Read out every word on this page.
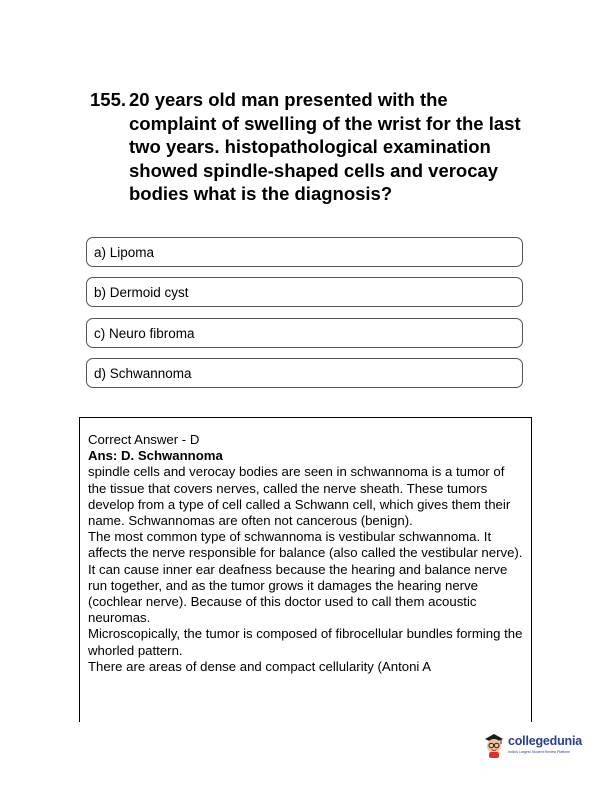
155. 20 years old man presented with the complaint of swelling of the wrist for the last two years. histopathological examination showed spindle-shaped cells and verocay bodies what is the diagnosis?
a) Lipoma
b) Dermoid cyst
c) Neuro fibroma
d) Schwannoma

Correct Answer - D

Ans: D. Schwannoma

spindle cells and verocay bodies are seen in schwannoma is a tumor of the tissue that covers nerves, called the nerve sheath. These tumors develop from a type of cell called a Schwann cell, which gives them their name. Schwannomas are often not cancerous (benign).

The most common type of schwannoma is vestibular schwannoma. It affects the nerve responsible for balance (also called the vestibular nerve). It can cause inner ear deafness because the hearing and balance nerve run together, and as the tumor grows it damages the hearing nerve (cochlear nerve). Because of this doctor used to call them acoustic neuromas.

Microscopically, the tumor is composed of fibrocellular bundles forming the whorled pattern.

There are areas of dense and compact cellularity (Antoni A

collegedunia
India's Largest Student Review Platform
